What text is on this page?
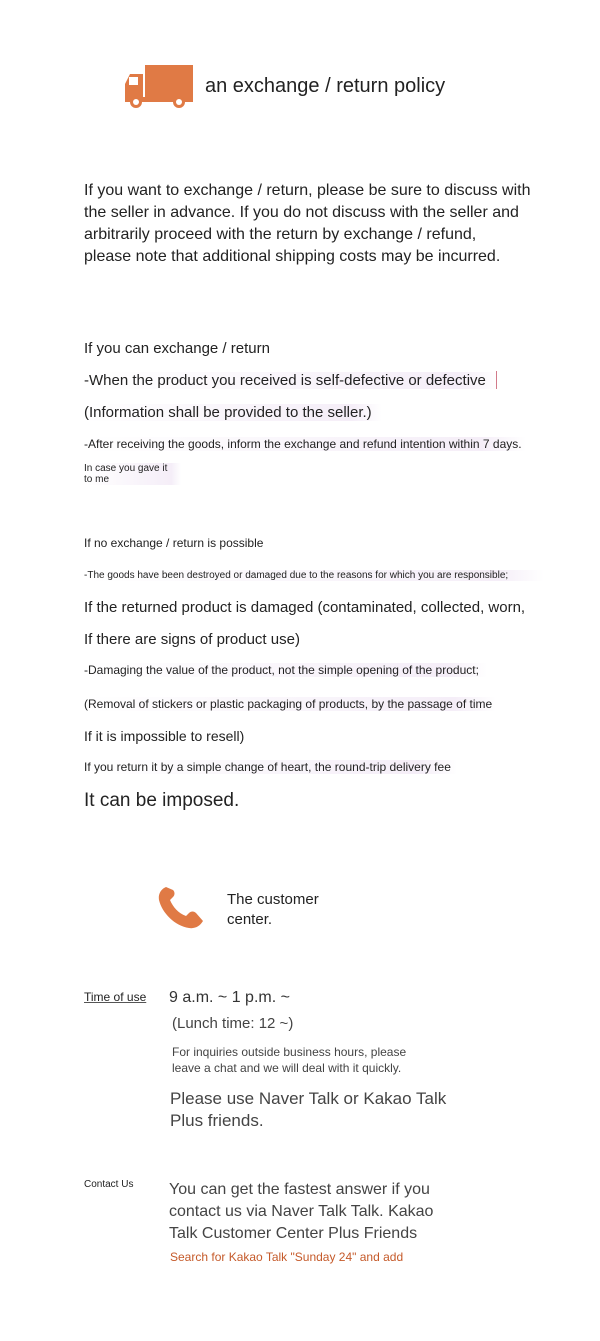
an exchange / return policy
If you want to exchange / return, please be sure to discuss with
the seller in advance. If you do not discuss with the seller and
arbitrarily proceed with the return by exchange / refund,
please note that additional shipping costs may be incurred.
If you can exchange / return
-When the product you received is self-defective or defective
(Information shall be provided to the seller.)
-After receiving the goods, inform the exchange and refund intention within 7 days.
In case you gave it
to me
If no exchange / return is possible
-The goods have been destroyed or damaged due to the reasons for which you are responsible;
If the returned product is damaged (contaminated, collected, worn,
If there are signs of product use)
-Damaging the value of the product, not the simple opening of the product;
(Removal of stickers or plastic packaging of products, by the passage of time
If it is impossible to resell)
If you return it by a simple change of heart, the round-trip delivery fee
It can be imposed.
The customer
center.
Time of use 9 a.m. ~ 1 p.m. ~
(Lunch time: 12 ~)
For inquiries outside business hours, please
leave a chat and we will deal with it quickly.
Please use Naver Talk or Kakao Talk
Plus friends.
Contact Us You can get the fastest answer if you
contact us via Naver Talk Talk. Kakao
Talk Customer Center Plus Friends
Search for Kakao Talk "Sunday 24" and add
